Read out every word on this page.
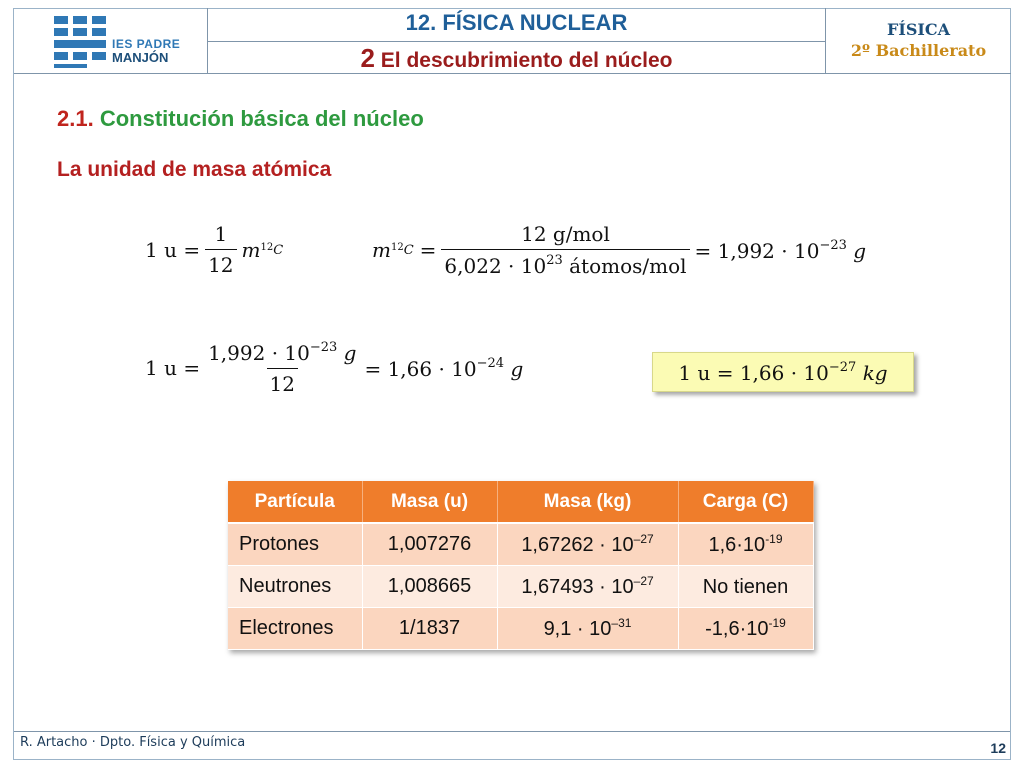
IES PADRE
MANJÓN
12. FÍSICA NUCLEAR
2 El descubrimiento del núcleo
FÍSICA
2º Bachillerato
2.1. Constitución básica del núcleo
La unidad de masa atómica
1 $u = \frac{1}{12}$ m $^{12}$C	m $^{12}C = \frac{\text{12 g/mol}}{6,022 \cdot 10^{23} átomos/mol} = 1,992 \cdot 10^{-23}$ g
1 $u = \frac{1,992 \cdot 10^{-23} g}{12} = 1,66 \cdot 10^{-24}$ g	1 $u = 1,66 \cdot 10^{-27}$ kg
Partícula	Masa (u)	Masa (kg)	Carga (C)
Protones	1,007276	$1,67262 \cdot 10^{-27}$	$1,6\cdot 10^{-19}$
Neutrones	1,008665	$1,67493 \cdot 10^{-27}$	No tienen
Electrones	1/1837	$9,1 \cdot 10^{-31}$	$-1,6\cdot 10^{-19}$
R. Artacho · Dpto. Física y Química	12
